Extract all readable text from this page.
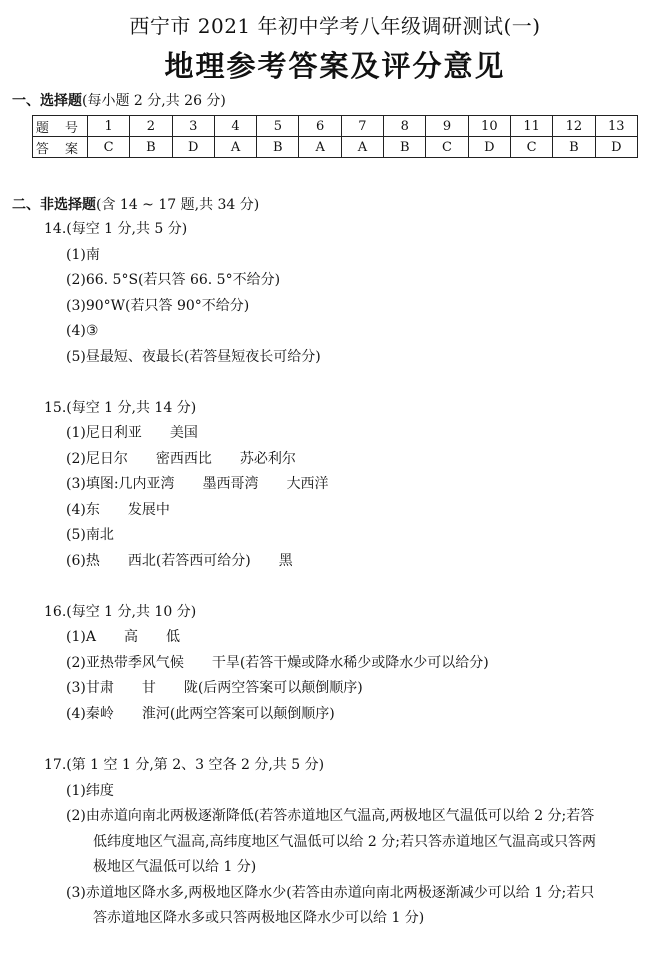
西宁市 2021 年初中学考八年级调研测试(一)
地理参考答案及评分意见
一、选择题(每小题 2 分,共 26 分)
题 号	1	2	3	4	5	6	7	8	9	10	11	12	13
答 案	C	B	D	A	B	A	A	B	C	D	C	B	D
二、非选择题(含 14 ~ 17 题,共 34 分)
14.(每空 1 分,共 5 分)
(1)南
(2)66. 5°S(若只答 66. 5°不给分)
(3)90°W(若只答 90°不给分)
(4)③
(5)昼最短、夜最长(若答昼短夜长可给分)
15.(每空 1 分,共 14 分)
(1)尼日利亚 美国
(2)尼日尔 密西西比 苏必利尔
(3)填图:几内亚湾 墨西哥湾 大西洋
(4)东 发展中
(5)南北
(6)热 西北(若答西可给分) 黑
16.(每空 1 分,共 10 分)
(1)A 高 低
(2)亚热带季风气候 干旱(若答干燥或降水稀少或降水少可以给分)
(3)甘肃 甘 陇(后两空答案可以颠倒顺序)
(4)秦岭 淮河(此两空答案可以颠倒顺序)
17.(第 1 空 1 分,第 2、3 空各 2 分,共 5 分)
(1)纬度
(2)由赤道向南北两极逐渐降低(若答赤道地区气温高,两极地区气温低可以给 2 分;若答
低纬度地区气温高,高纬度地区气温低可以给 2 分;若只答赤道地区气温高或只答两
极地区气温低可以给 1 分)
(3)赤道地区降水多,两极地区降水少(若答由赤道向南北两极逐渐减少可以给 1 分;若只
答赤道地区降水多或只答两极地区降水少可以给 1 分)
